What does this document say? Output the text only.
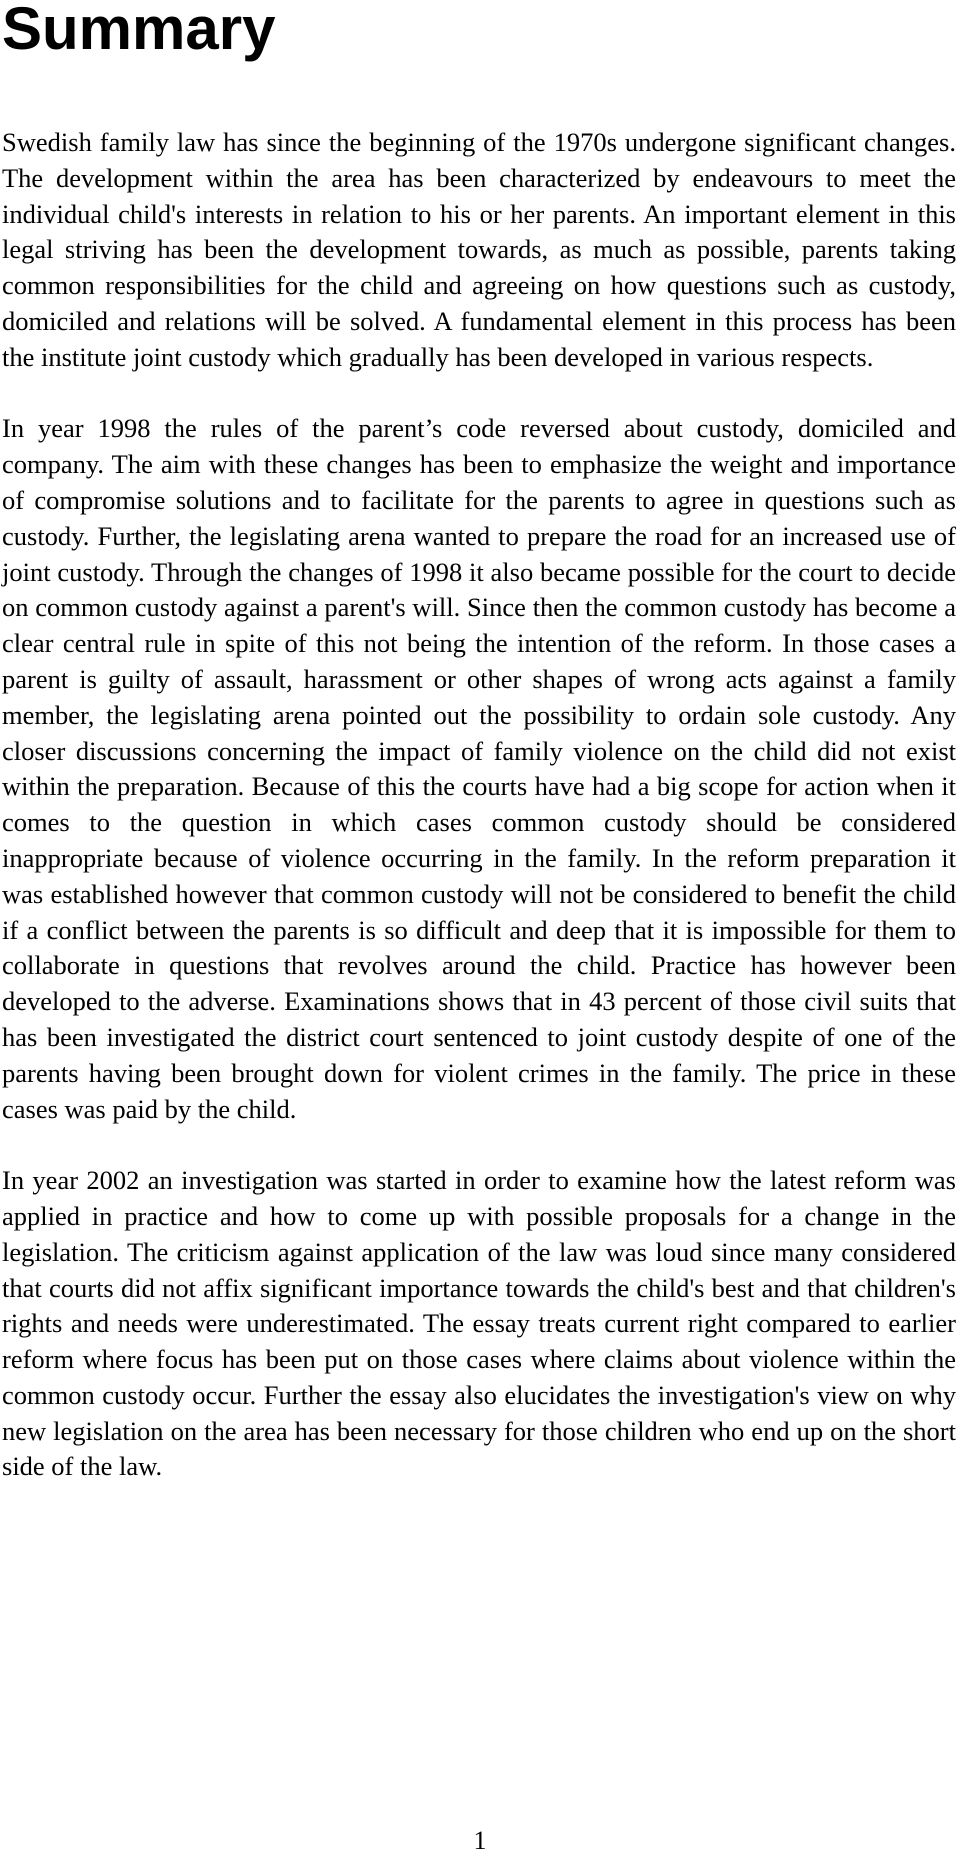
Summary

Swedish family law has since the beginning of the 1970s undergone significant changes. The development within the area has been characterized by endeavours to meet the individual child's interests in relation to his or her parents. An important element in this legal striving has been the development towards, as much as possible, parents taking common responsibilities for the child and agreeing on how questions such as custody, domiciled and relations will be solved. A fundamental element in this process has been the institute joint custody which gradually has been developed in various respects.

In year 1998 the rules of the parent’s code reversed about custody, domiciled and company. The aim with these changes has been to emphasize the weight and importance of compromise solutions and to facilitate for the parents to agree in questions such as custody. Further, the legislating arena wanted to prepare the road for an increased use of joint custody. Through the changes of 1998 it also became possible for the court to decide on common custody against a parent's will. Since then the common custody has become a clear central rule in spite of this not being the intention of the reform. In those cases a parent is guilty of assault, harassment or other shapes of wrong acts against a family member, the legislating arena pointed out the possibility to ordain sole custody. Any closer discussions concerning the impact of family violence on the child did not exist within the preparation. Because of this the courts have had a big scope for action when it comes to the question in which cases common custody should be considered inappropriate because of violence occurring in the family. In the reform preparation it was established however that common custody will not be considered to benefit the child if a conflict between the parents is so difficult and deep that it is impossible for them to collaborate in questions that revolves around the child. Practice has however been developed to the adverse. Examinations shows that in 43 percent of those civil suits that has been investigated the district court sentenced to joint custody despite of one of the parents having been brought down for violent crimes in the family. The price in these cases was paid by the child.

In year 2002 an investigation was started in order to examine how the latest reform was applied in practice and how to come up with possible proposals for a change in the legislation. The criticism against application of the law was loud since many considered that courts did not affix significant importance towards the child's best and that children's rights and needs were underestimated. The essay treats current right compared to earlier reform where focus has been put on those cases where claims about violence within the common custody occur. Further the essay also elucidates the investigation's view on why new legislation on the area has been necessary for those children who end up on the short side of the law.

1
